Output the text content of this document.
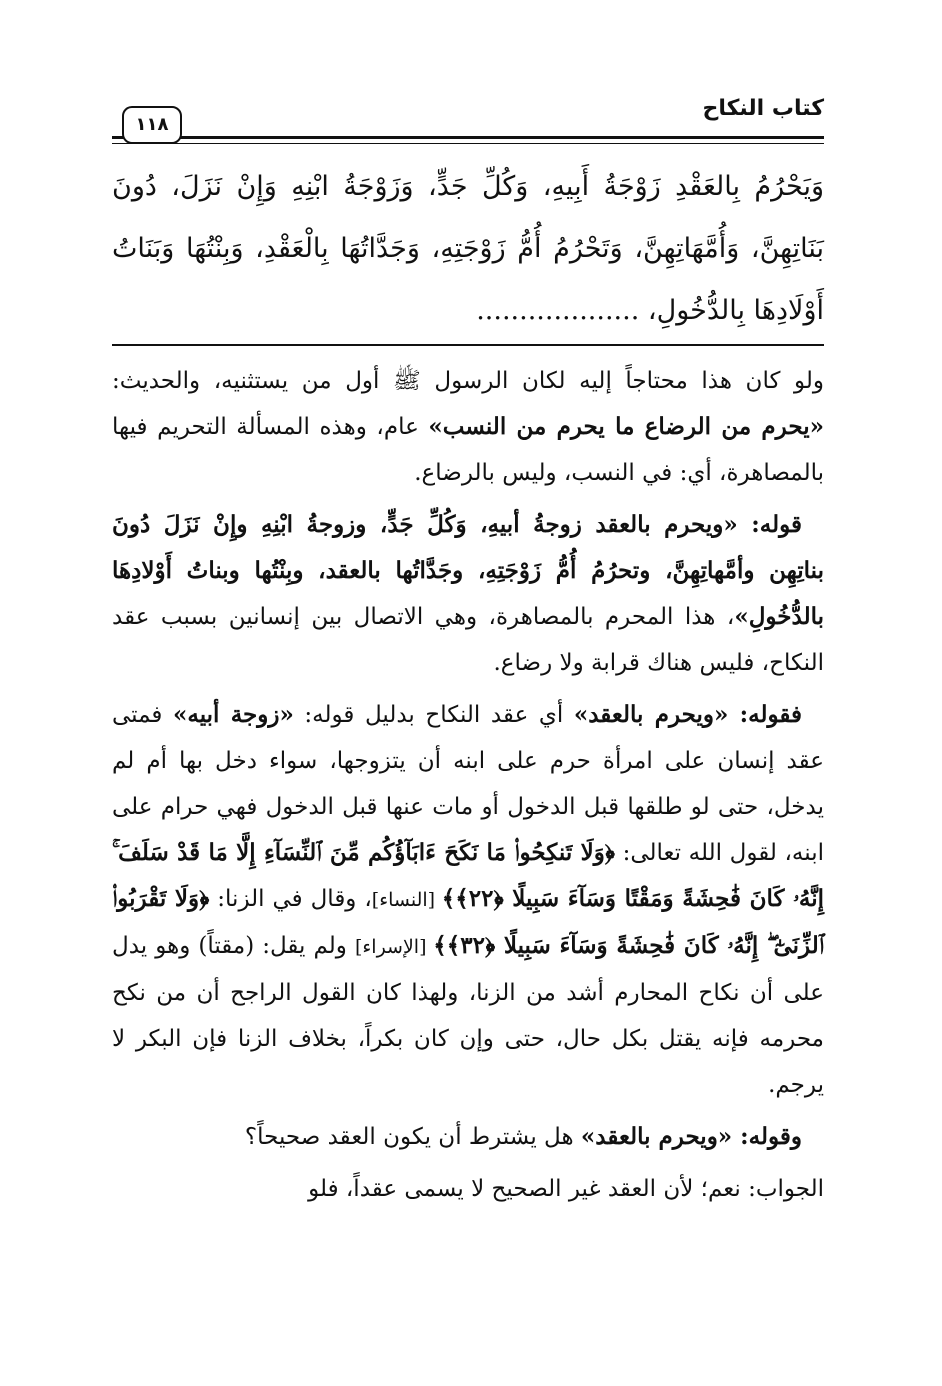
كتاب النكاح
١١٨

وَيَحْرُمُ بِالعَقْدِ زَوْجَةُ أَبِيهِ، وَكُلِّ جَدٍّ، وَزَوْجَةُ ابْنِهِ وَإِنْ نَزَلَ، دُونَ بَنَاتِهِنَّ، وَأُمَّهَاتِهِنَّ، وَتَحْرُمُ أُمُّ زَوْجَتِهِ، وَجَدَّاتُهَا بِالْعَقْدِ، وَبِنْتُهَا وَبَنَاتُ أَوْلَادِهَا بِالدُّخُولِ، ...................

ولو كان هذا محتاجاً إليه لكان الرسول ﷺ أول من يستثنيه، والحديث: «يحرم من الرضاع ما يحرم من النسب» عام، وهذه المسألة التحريم فيها بالمصاهرة، أي: في النسب، وليس بالرضاع.

قوله: «ويحرم بالعقد زوجةُ أبيهِ، وَكُلِّ جَدٍّ، وزوجةُ ابْنِهِ وإِنْ نَزَلَ دُونَ بناتِهِن وأمَّهاتِهِنَّ، وتحرُمُ أُمُّ زَوْجَتِهِ، وجَدَّاتُها بالعقد، وبِنْتُها وبناتُ أَوْلادِهَا بالدُّخُولِ»، هذا المحرم بالمصاهرة، وهي الاتصال بين إنسانين بسبب عقد النكاح، فليس هناك قرابة ولا رضاع.

فقوله: «ويحرم بالعقد» أي عقد النكاح بدليل قوله: «زوجة أبيه» فمتى عقد إنسان على امرأة حرم على ابنه أن يتزوجها، سواء دخل بها أم لم يدخل، حتى لو طلقها قبل الدخول أو مات عنها قبل الدخول فهي حرام على ابنه، لقول الله تعالى: ﴿وَلَا تَنكِحُوا۟ مَا نَكَحَ ءَابَآؤُكُم مِّنَ ٱلنِّسَآءِ إِلَّا مَا قَدْ سَلَفَ ۚ إِنَّهُۥ كَانَ فَٰحِشَةً وَمَقْتًا وَسَآءَ سَبِيلًا ﴿٢٢﴾﴾ [النساء]، وقال في الزنا: ﴿وَلَا تَقْرَبُوا۟ ٱلزِّنَىٰٓ ۖ إِنَّهُۥ كَانَ فَٰحِشَةً وَسَآءَ سَبِيلًا ﴿٣٢﴾﴾ [الإسراء] ولم يقل: (مقتاً) وهو يدل على أن نكاح المحارم أشد من الزنا، ولهذا كان القول الراجح أن من نكح محرمه فإنه يقتل بكل حال، حتى وإن كان بكراً، بخلاف الزنا فإن البكر لا يرجم.

وقوله: «ويحرم بالعقد» هل يشترط أن يكون العقد صحيحاً؟

الجواب: نعم؛ لأن العقد غير الصحيح لا يسمى عقداً، فلو
